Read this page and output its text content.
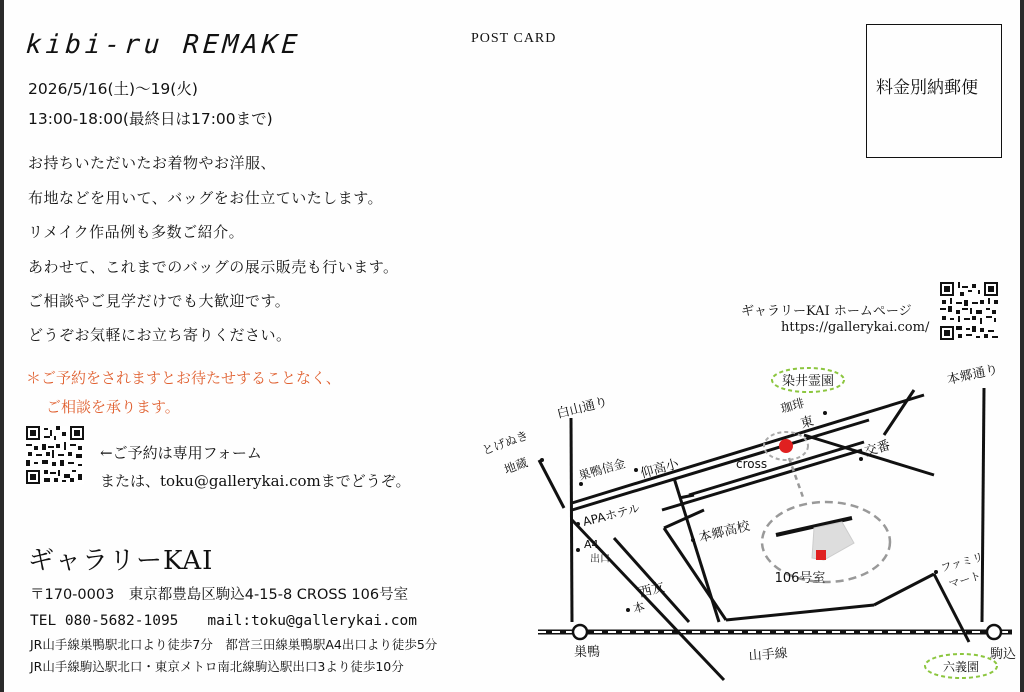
kibi-ru REMAKE	POST CARD
料金別納郵便
2026/5/16(土)〜19(火)
13:00-18:00(最終日は17:00まで)
お持ちいただいたお着物やお洋服、
布地などを用いて、バッグをお仕立ていたします。
リメイク作品例も多数ご紹介。
あわせて、これまでのバッグの展示販売も行います。
ご相談やご見学だけでも大歓迎です。
どうぞお気軽にお立ち寄りください。
＊ご予約をされますとお待たせすることなく、
ご相談を承ります。
←ご予約は専用フォーム
または、toku@gallerykai.comまでどうぞ。
ギャラリーKAI
〒170-0003　東京都豊島区駒込4-15-8 CROSS 106号室
TEL 080-5682-1095　　mail:toku@gallerykai.com
JR山手線巣鴨駅北口より徒歩7分　都営三田線巣鴨駅A4出口より徒歩5分
JR山手線駒込駅北口・東京メトロ南北線駒込駅出口3より徒歩10分
ギャラリーKAI ホームページ
https://gallerykai.com/
染井霊園	本郷通り
白山通り
とげぬき
地蔵	巣鴨信金 仰高小
珈琲
東
cross
交番
APAホテル
A4
出口
本郷高校
106号室
西友
本
ファミリ
マート
巣鴨	山手線
六義園
駒込
